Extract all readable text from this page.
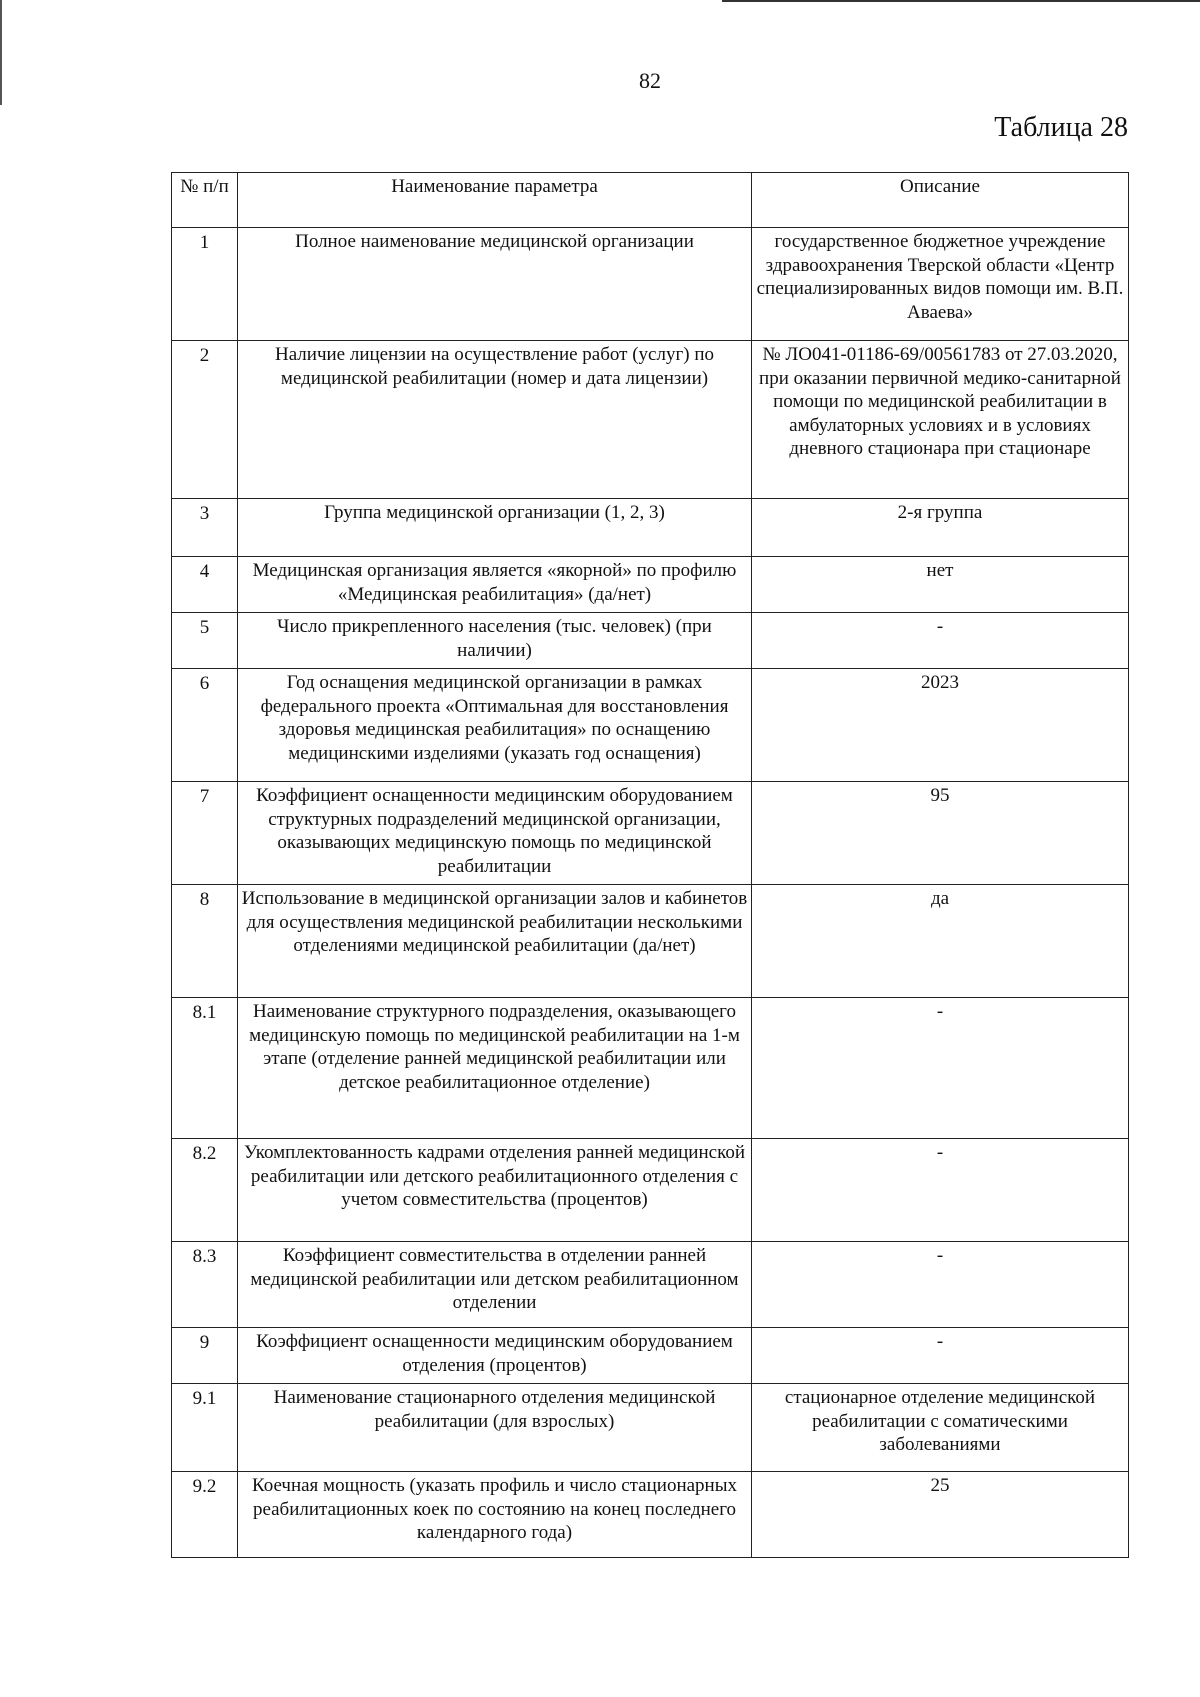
82
Таблица 28
№ п/п	Наименование параметра	Описание
1	Полное наименование медицинской организации	государственное бюджетное учреждение здравоохранения Тверской области «Центр специализированных видов помощи им. В.П. Аваева»
2	Наличие лицензии на осуществление работ (услуг) по медицинской реабилитации (номер и дата лицензии)	№ ЛО041-01186-69/00561783 от 27.03.2020, при оказании первичной медико-санитарной помощи по медицинской реабилитации в амбулаторных условиях и в условиях дневного стационара при стационаре
3	Группа медицинской организации (1, 2, 3)	2-я группа
4	Медицинская организация является «якорной» по профилю «Медицинская реабилитация» (да/нет)	нет
5	Число прикрепленного населения (тыс. человек) (при наличии)	-
6	Год оснащения медицинской организации в рамках федерального проекта «Оптимальная для восстановления здоровья медицинская реабилитация» по оснащению медицинскими изделиями (указать год оснащения)	2023
7	Коэффициент оснащенности медицинским оборудованием структурных подразделений медицинской организации, оказывающих медицинскую помощь по медицинской реабилитации	95
8	Использование в медицинской организации залов и кабинетов для осуществления медицинской реабилитации несколькими отделениями медицинской реабилитации (да/нет)	да
8.1	Наименование структурного подразделения, оказывающего медицинскую помощь по медицинской реабилитации на 1-м этапе (отделение ранней медицинской реабилитации или детское реабилитационное отделение)	-
8.2	Укомплектованность кадрами отделения ранней медицинской реабилитации или детского реабилитационного отделения с учетом совместительства (процентов)	-
8.3	Коэффициент совместительства в отделении ранней медицинской реабилитации или детском реабилитационном отделении	-
9	Коэффициент оснащенности медицинским оборудованием отделения (процентов)	-
9.1	Наименование стационарного отделения медицинской реабилитации (для взрослых)	стационарное отделение медицинской реабилитации с соматическими заболеваниями
9.2	Коечная мощность (указать профиль и число стационарных реабилитационных коек по состоянию на конец последнего календарного года)	25
